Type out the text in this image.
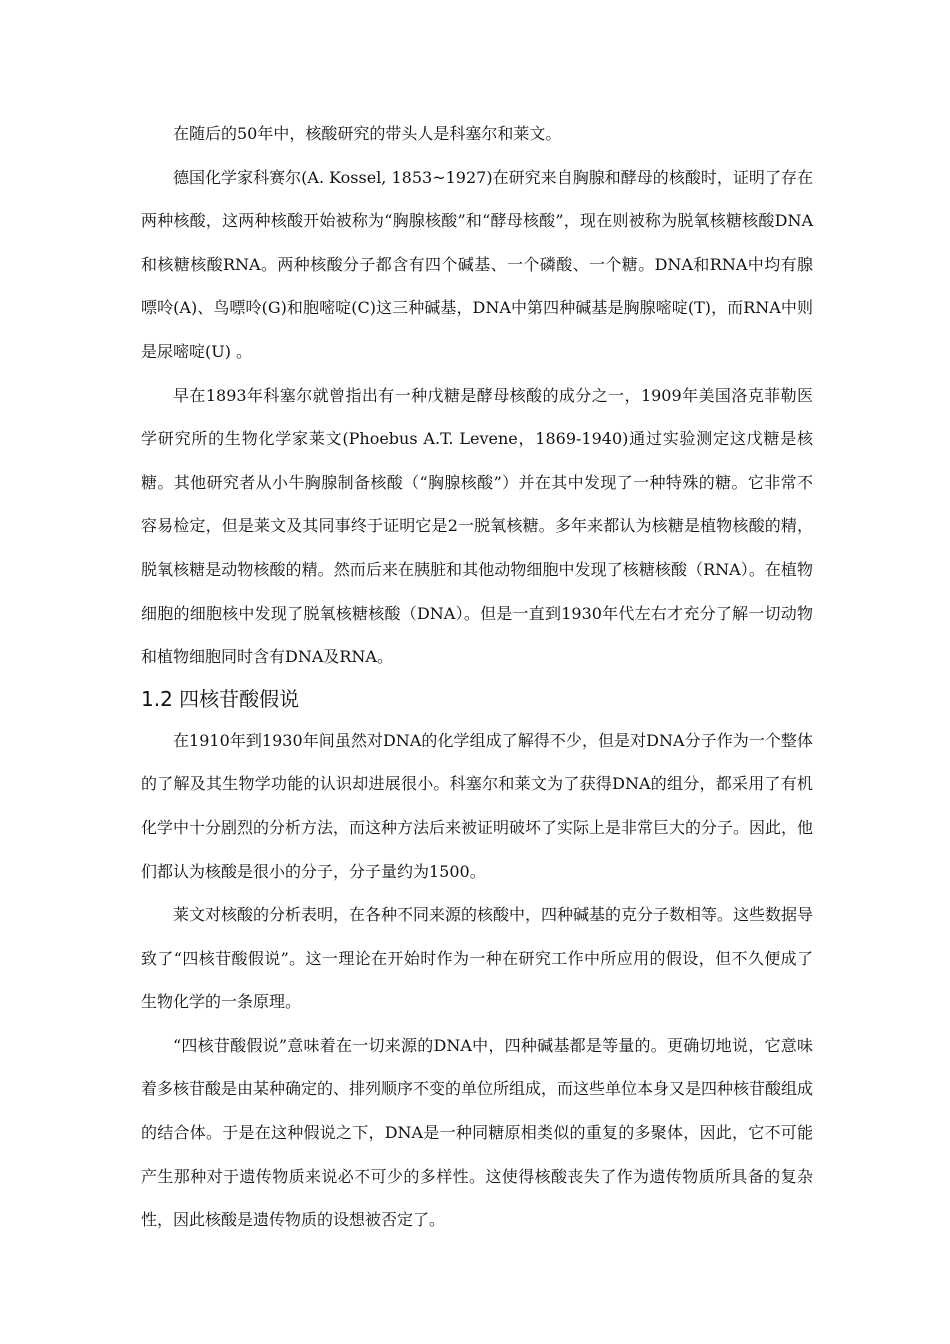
在随后的50年中，核酸研究的带头人是科塞尔和莱文。

德国化学家科赛尔(A. Kossel, 1853~1927)在研究来自胸腺和酵母的核酸时，证明了存在两种核酸，这两种核酸开始被称为“胸腺核酸”和“酵母核酸”，现在则被称为脱氧核糖核酸DNA和核糖核酸RNA。两种核酸分子都含有四个碱基、一个磷酸、一个糖。DNA和RNA中均有腺嘌呤(A)、鸟嘌呤(G)和胞嘧啶(C)这三种碱基，DNA中第四种碱基是胸腺嘧啶(T)，而RNA中则是尿嘧啶(U) 。

早在1893年科塞尔就曾指出有一种戊糖是酵母核酸的成分之一，1909年美国洛克菲勒医学研究所的生物化学家莱文(Phoebus A.T. Levene，1869-1940)通过实验测定这戊糖是核糖。其他研究者从小牛胸腺制备核酸（“胸腺核酸”）并在其中发现了一种特殊的糖。它非常不容易检定，但是莱文及其同事终于证明它是2一脱氧核糖。多年来都认为核糖是植物核酸的精，脱氧核糖是动物核酸的精。然而后来在胰脏和其他动物细胞中发现了核糖核酸（RNA）。在植物细胞的细胞核中发现了脱氧核糖核酸（DNA）。但是一直到1930年代左右才充分了解一切动物和植物细胞同时含有DNA及RNA。

1.2 四核苷酸假说

在1910年到1930年间虽然对DNA的化学组成了解得不少，但是对DNA分子作为一个整体的了解及其生物学功能的认识却进展很小。科塞尔和莱文为了获得DNA的组分，都采用了有机化学中十分剧烈的分析方法，而这种方法后来被证明破坏了实际上是非常巨大的分子。因此，他们都认为核酸是很小的分子，分子量约为1500。

莱文对核酸的分析表明，在各种不同来源的核酸中，四种碱基的克分子数相等。这些数据导致了“四核苷酸假说”。这一理论在开始时作为一种在研究工作中所应用的假设，但不久便成了生物化学的一条原理。

“四核苷酸假说”意味着在一切来源的DNA中，四种碱基都是等量的。更确切地说，它意味着多核苷酸是由某种确定的、排列顺序不变的单位所组成，而这些单位本身又是四种核苷酸组成的结合体。于是在这种假说之下，DNA是一种同糖原相类似的重复的多聚体，因此，它不可能产生那种对于遗传物质来说必不可少的多样性。这使得核酸丧失了作为遗传物质所具备的复杂性，因此核酸是遗传物质的设想被否定了。
